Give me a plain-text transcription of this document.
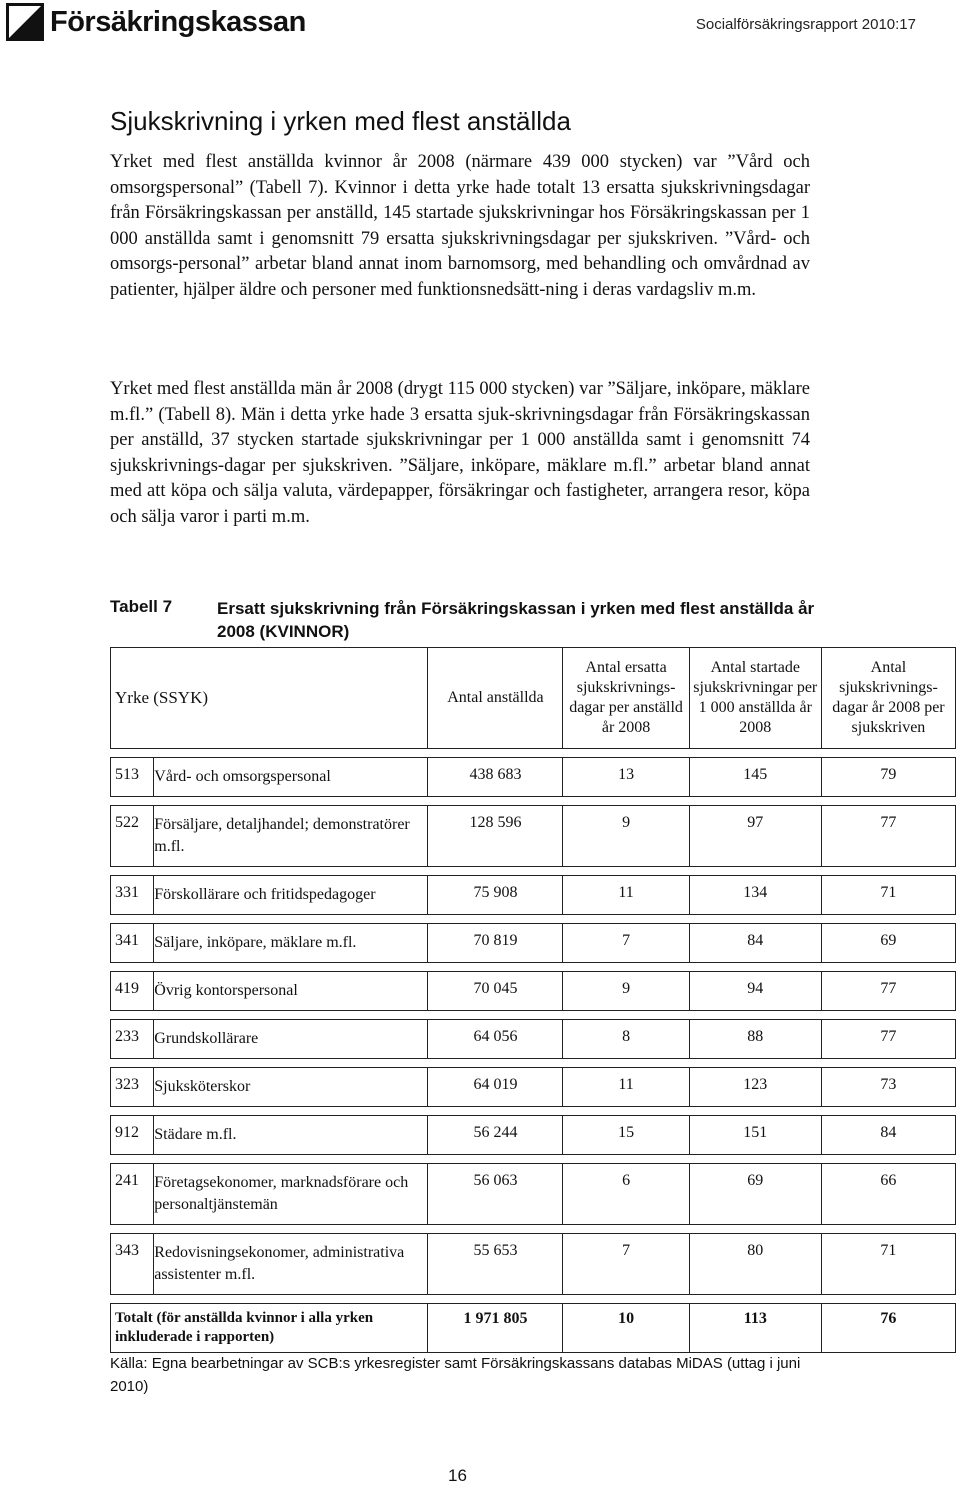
Försäkringskassan	Socialförsäkringsrapport 2010:17
Sjukskrivning i yrken med flest anställda

Yrket med flest anställda kvinnor år 2008 (närmare 439 000 stycken) var ”Vård och omsorgspersonal” (Tabell 7). Kvinnor i detta yrke hade totalt 13 ersatta sjukskrivningsdagar från Försäkringskassan per anställd, 145 startade sjukskrivningar hos Försäkringskassan per 1 000 anställda samt i genomsnitt 79 ersatta sjukskrivningsdagar per sjukskriven. ”Vård- och omsorgs-personal” arbetar bland annat inom barnomsorg, med behandling och omvårdnad av patienter, hjälper äldre och personer med funktionsnedsätt-ning i deras vardagsliv m.m.

Yrket med flest anställda män år 2008 (drygt 115 000 stycken) var ”Säljare, inköpare, mäklare m.fl.” (Tabell 8). Män i detta yrke hade 3 ersatta sjuk-skrivningsdagar från Försäkringskassan per anställd, 37 stycken startade sjukskrivningar per 1 000 anställda samt i genomsnitt 74 sjukskrivnings-dagar per sjukskriven. ”Säljare, inköpare, mäklare m.fl.” arbetar bland annat med att köpa och sälja valuta, värdepapper, försäkringar och fastigheter, arrangera resor, köpa och sälja varor i parti m.m.

Tabell 7	Ersatt sjukskrivning från Försäkringskassan i yrken med flest anställda år 2008 (KVINNOR)
Yrke (SSYK)		Antal anställda	Antal ersatta sjukskrivnings-dagar per anställd år 2008	Antal startade sjukskrivningar per 1 000 anställda år 2008	Antal sjukskrivnings-dagar år 2008 per sjukskriven

513	Vård- och omsorgspersonal	438 683	13	145	79

522	Försäljare, detaljhandel; demonstratörer m.fl.	128 596	9	97	77

331	Förskollärare och fritidspedagoger	75 908	11	134	71

341	Säljare, inköpare, mäklare m.fl.	70 819	7	84	69

419	Övrig kontorspersonal	70 045	9	94	77

233	Grundskollärare	64 056	8	88	77

323	Sjuksköterskor	64 019	11	123	73

912	Städare m.fl.	56 244	15	151	84

241	Företagsekonomer, marknadsförare och personaltjänstemän	56 063	6	69	66

343	Redovisningsekonomer, administrativa assistenter m.fl.	55 653	7	80	71

Totalt (för anställda kvinnor i alla yrken inkluderade i rapporten)		1 971 805	10	113	76
Källa: Egna bearbetningar av SCB:s yrkesregister samt Försäkringskassans databas MiDAS (uttag i juni 2010)
16
